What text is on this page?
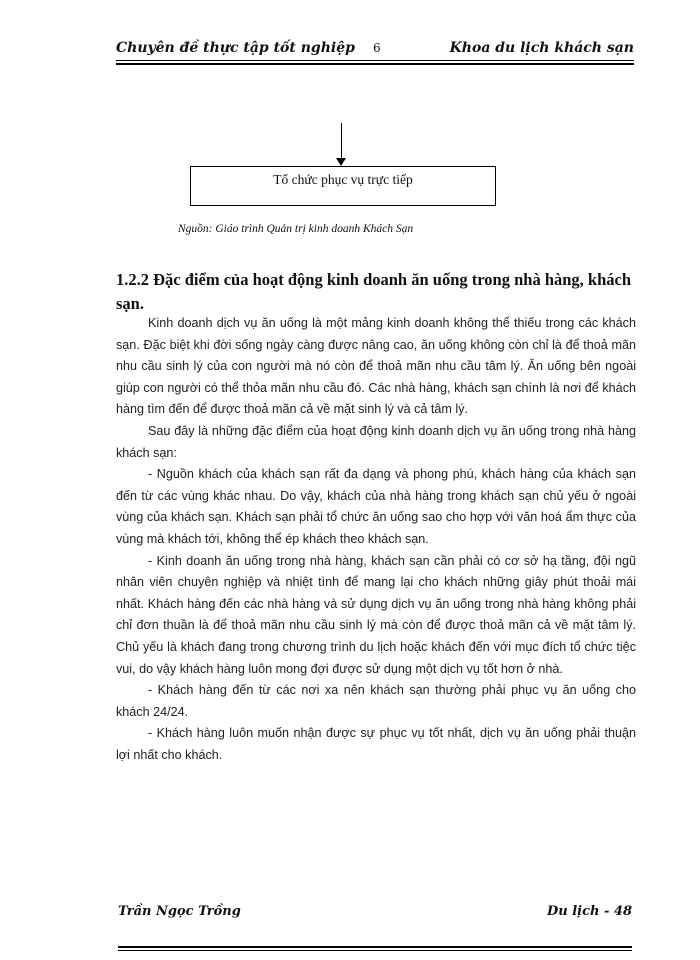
Chuyên đề thực tập tốt nghiệp 6	Khoa du lịch khách sạn
Tổ chức phục vụ trực tiếp
Nguồn: Giáo trình Quản trị kinh doanh Khách Sạn
1.2.2 Đặc điểm của hoạt động kinh doanh ăn uống trong nhà hàng, khách sạn.

Kinh doanh dịch vụ ăn uống là một mảng kinh doanh không thể thiếu trong các khách sạn. Đặc biệt khi đời sống ngày càng được nâng cao, ăn uống không còn chỉ là để thoả mãn nhu cầu sinh lý của con người mà nó còn để thoả mãn nhu cầu tâm lý. Ăn uống bên ngoài giúp con người có thể thỏa mãn nhu cầu đó. Các nhà hàng, khách sạn chính là nơi để khách hàng tìm đến để được thoả mãn cả về mặt sinh lý và cả tâm lý.

Sau đây là những đặc điểm của hoạt động kinh doanh dịch vụ ăn uống trong nhà hàng khách sạn:

- Nguồn khách của khách sạn rất đa dạng và phong phú, khách hàng của khách sạn đến từ các vùng khác nhau. Do vậy, khách của nhà hàng trong khách sạn chủ yếu ở ngoài vùng của khách sạn. Khách sạn phải tổ chức ăn uống sao cho hợp với văn hoá ẩm thực của vùng mà khách tới, không thể ép khách theo khách sạn.

- Kinh doanh ăn uống trong nhà hàng, khách sạn cần phải có cơ sở hạ tầng, đội ngũ nhân viên chuyên nghiệp và nhiệt tình để mang lại cho khách những giây phút thoải mái nhất. Khách hàng đến các nhà hàng và sử dụng dịch vụ ăn uống trong nhà hàng không phải chỉ đơn thuần là để thoả mãn nhu cầu sinh lý mà còn để được thoả mãn cả về mặt tâm lý. Chủ yếu là khách đang trong chương trình du lịch hoặc khách đến với mục đích tổ chức tiệc vui, do vậy khách hàng luôn mong đợi được sử dụng một dịch vụ tốt hơn ở nhà.

- Khách hàng đến từ các nơi xa nên khách sạn thường phải phục vụ ăn uống cho khách 24/24.

- Khách hàng luôn muốn nhận được sự phục vụ tốt nhất, dịch vụ ăn uống phải thuận lợi nhất cho khách.

Trần Ngọc Trồng	Du lịch - 48
